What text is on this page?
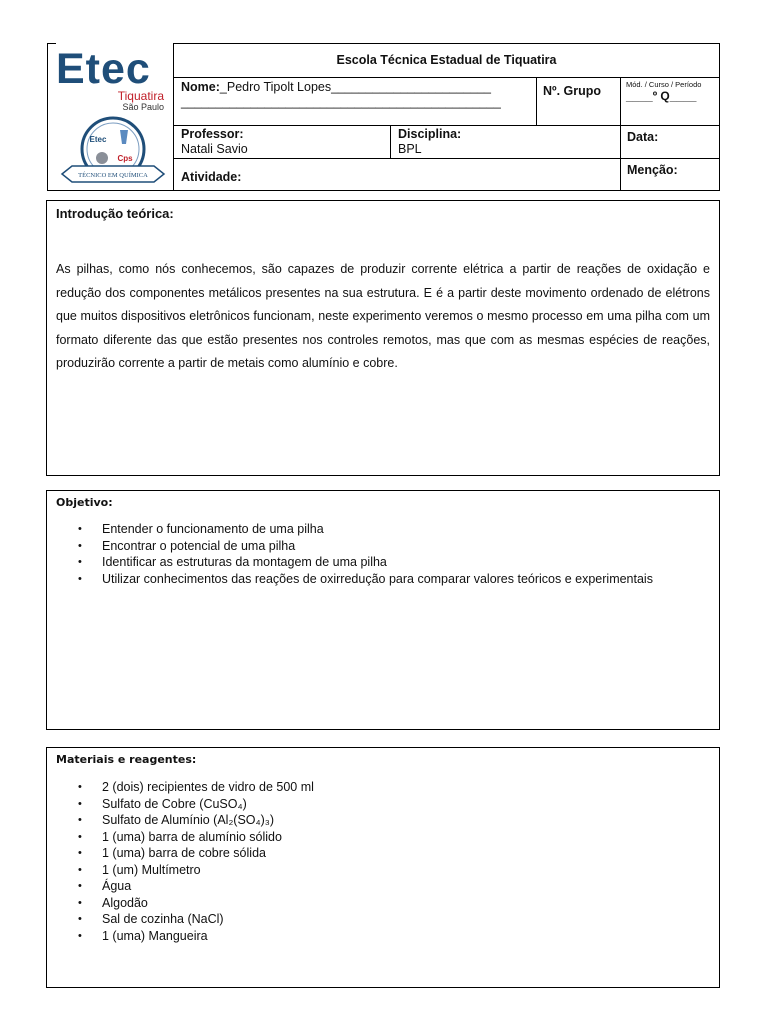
Etec
Tiquatira
São Paulo
Etec
Cps
TÉCNICO EM QUÍMICA
Escola Técnica Estadual de Tiquatira
Nome:_Pedro Tipolt Lopes_______________________
______________________________________________
Nº. Grupo	Mód. / Curso / Período
____º Q____
Professor:
Natali Savio
Disciplina:
BPL
Data:
Atividade:	Menção:
Introdução teórica:
As pilhas, como nós conhecemos, são capazes de produzir corrente elétrica a partir de reações de oxidação e redução dos componentes metálicos presentes na sua estrutura. E é a partir deste movimento ordenado de elétrons que muitos dispositivos eletrônicos funcionam, neste experimento veremos o mesmo processo em uma pilha com um formato diferente das que estão presentes nos controles remotos, mas que com as mesmas espécies de reações, produzirão corrente a partir de metais como alumínio e cobre.
Objetivo:
• Entender o funcionamento de uma pilha
• Encontrar o potencial de uma pilha
• Identificar as estruturas da montagem de uma pilha
• Utilizar conhecimentos das reações de oxirredução para comparar valores teóricos e experimentais
Materiais e reagentes:
• 2 (dois) recipientes de vidro de 500 ml
• Sulfato de Cobre (CuSO₄)
• Sulfato de Alumínio (Al₂(SO₄)₃)
• 1 (uma) barra de alumínio sólido
• 1 (uma) barra de cobre sólida
• 1 (um) Multímetro
• Água
• Algodão
• Sal de cozinha (NaCl)
• 1 (uma) Mangueira
